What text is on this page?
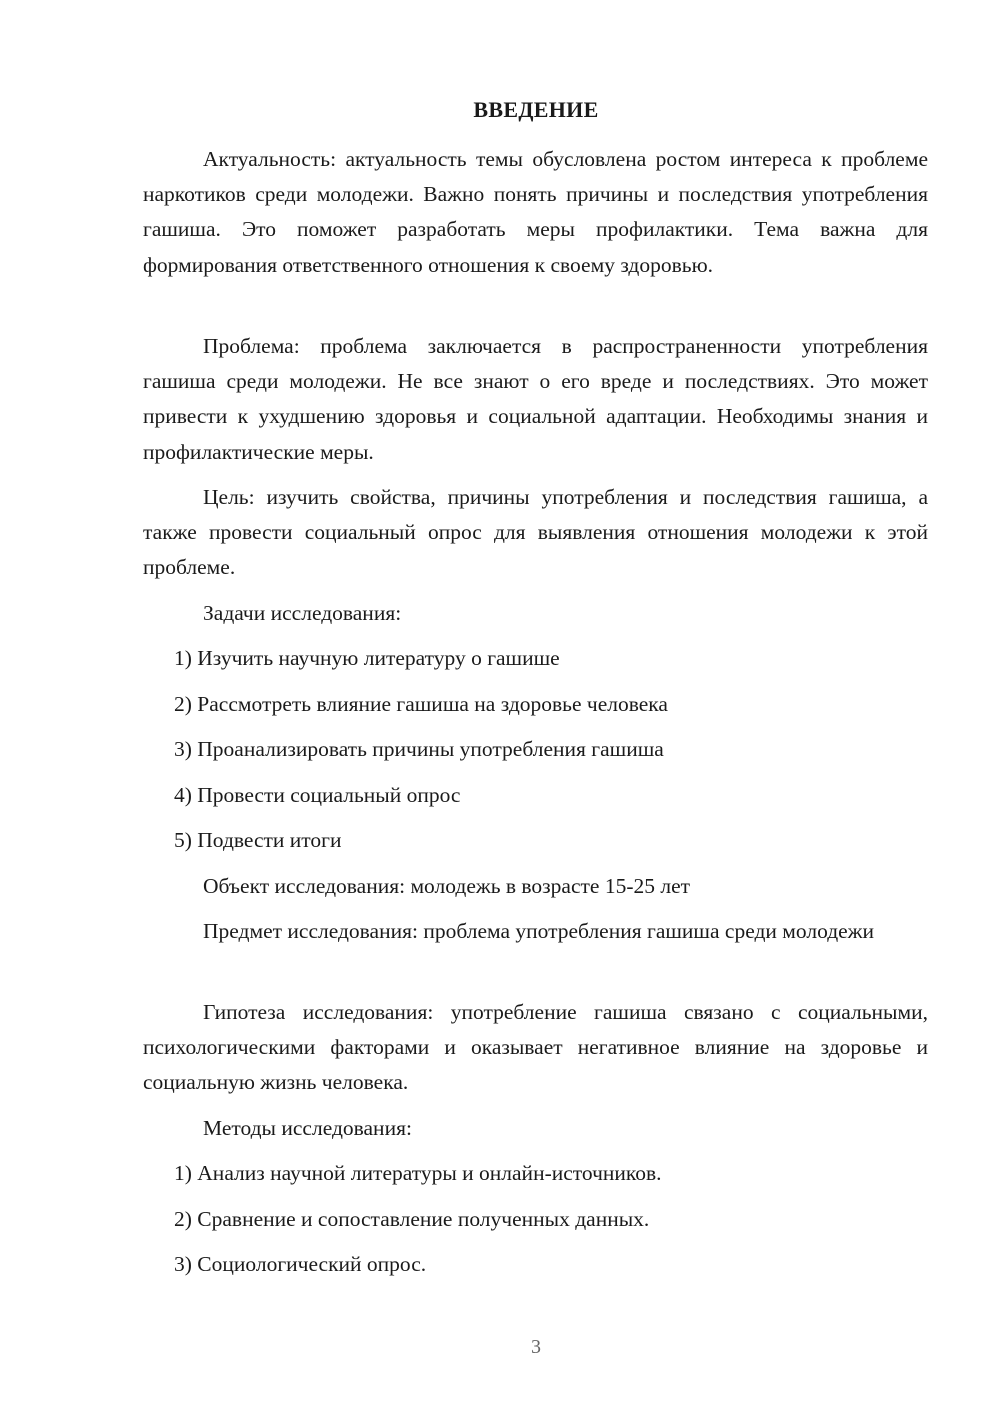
ВВЕДЕНИЕ

Актуальность: актуальность темы обусловлена ростом интереса к проблеме наркотиков среди молодежи. Важно понять причины и последствия употребления гашиша. Это поможет разработать меры профилактики. Тема важна для формирования ответственного отношения к своему здоровью.

Проблема: проблема заключается в распространенности употребления гашиша среди молодежи. Не все знают о его вреде и последствиях. Это может привести к ухудшению здоровья и социальной адаптации. Необходимы знания и профилактические меры.

Цель: изучить свойства, причины употребления и последствия гашиша, а также провести социальный опрос для выявления отношения молодежи к этой проблеме.

Задачи исследования:
1) Изучить научную литературу о гашише
2) Рассмотреть влияние гашиша на здоровье человека
3) Проанализировать причины употребления гашиша
4) Провести социальный опрос
5) Подвести итоги
Объект исследования: молодежь в возрасте 15-25 лет

Предмет исследования: проблема употребления гашиша среди молодежи

Гипотеза исследования: употребление гашиша связано с социальными, психологическими факторами и оказывает негативное влияние на здоровье и социальную жизнь человека.

Методы исследования:
1) Анализ научной литературы и онлайн-источников.
2) Сравнение и сопоставление полученных данных.
3) Социологический опрос.
3
